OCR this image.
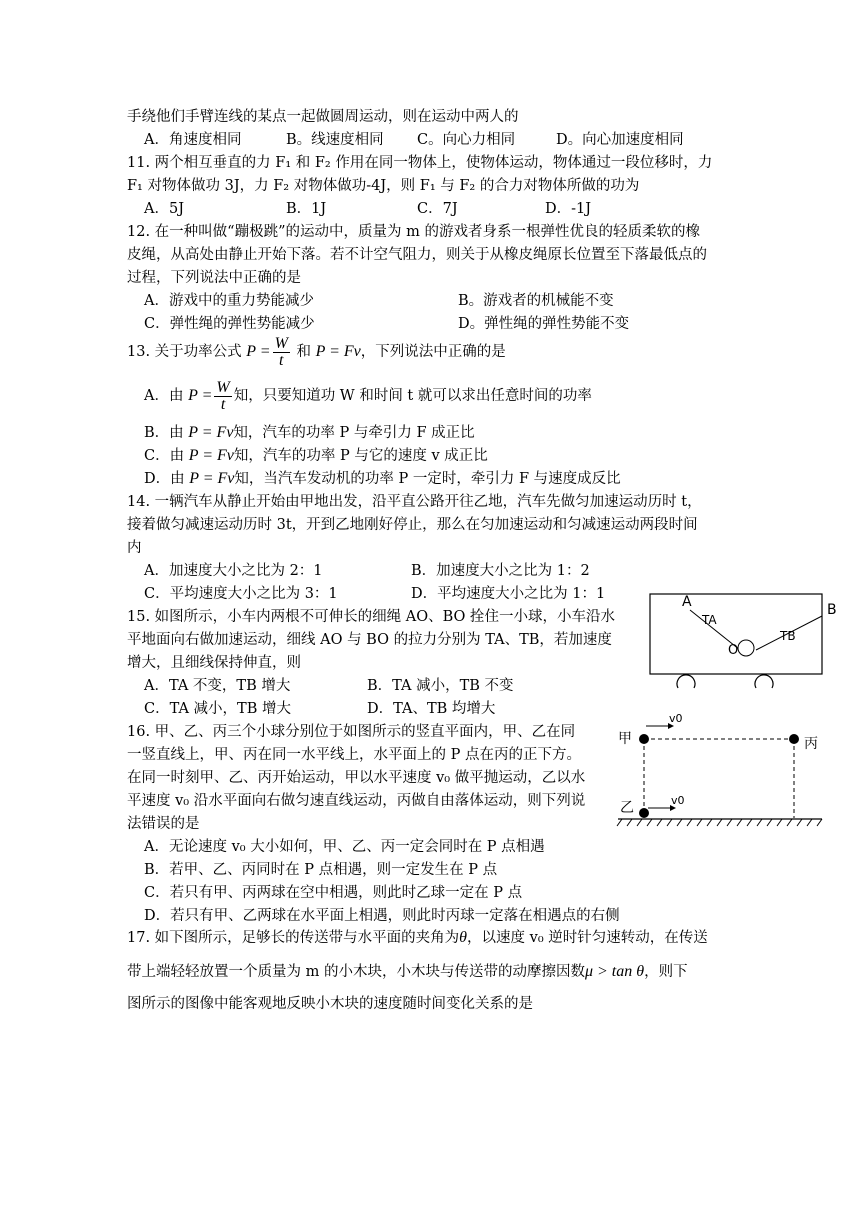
手绕他们手臂连线的某点一起做圆周运动，则在运动中两人的
A．角速度相同	B。线速度相同 C。向心力相同	D。向心加速度相同
11. 两个相互垂直的力 F₁ 和 F₂ 作用在同一物体上，使物体运动，物体通过一段位移时，力
F₁ 对物体做功 3J，力 F₂ 对物体做功-4J，则 F₁ 与 F₂ 的合力对物体所做的功为
A．5J	B．1J	C．7J	D．-1J
12. 在一种叫做“蹦极跳”的运动中，质量为 m 的游戏者身系一根弹性优良的轻质柔软的橡
皮绳，从高处由静止开始下落。若不计空气阻力，则关于从橡皮绳原长位置至下落最低点的
过程，下列说法中正确的是
A．游戏中的重力势能减少	B。游戏者的机械能不变
C．弹性绳的弹性势能减少	D。弹性绳的弹性势能不变
13. 关于功率公式 $P = \frac{W}{t}$ 和 P = Fv，下列说法中正确的是
A．由 $P = \frac{W}{t}$ 知，只要知道功 W 和时间 t 就可以求出任意时间的功率
B．由 P = Fv知，汽车的功率 P 与牵引力 F 成正比
C．由 P = Fv知，汽车的功率 P 与它的速度 v 成正比
D．由 P = Fv知，当汽车发动机的功率 P 一定时，牵引力 F 与速度成反比
14. 一辆汽车从静止开始由甲地出发，沿平直公路开往乙地，汽车先做匀加速运动历时 t，
接着做匀减速运动历时 3t，开到乙地刚好停止，那么在匀加速运动和匀减速运动两段时间
内
A．加速度大小之比为 2：1	B．加速度大小之比为 1：2
C．平均速度大小之比为 3：1	D．平均速度大小之比为 1：1
15. 如图所示，小车内两根不可伸长的细绳 AO、BO 拴住一小球，小车沿水
平地面向右做加速运动，细线 AO 与 BO 的拉力分别为 TA、TB，若加速度
增大，且细线保持伸直，则
A．TA 不变，TB 增大	B．TA 减小，TB 不变
C．TA 减小，TB 增大	D．TA、TB 均增大
A	B
O
TA
TB
16. 甲、乙、丙三个小球分别位于如图所示的竖直平面内，甲、乙在同
一竖直线上，甲、丙在同一水平线上，水平面上的 P 点在丙的正下方。
在同一时刻甲、乙、丙开始运动，甲以水平速度 v₀ 做平抛运动，乙以水
平速度 v₀ 沿水平面向右做匀速直线运动，丙做自由落体运动，则下列说
法错误的是
A．无论速度 v₀ 大小如何，甲、乙、丙一定会同时在 P 点相遇
B．若甲、乙、丙同时在 P 点相遇，则一定发生在 P 点
C．若只有甲、丙两球在空中相遇，则此时乙球一定在 P 点
D．若只有甲、乙两球在水平面上相遇，则此时丙球一定落在相遇点的右侧
甲	丙
乙
v0
v0
17. 如下图所示，足够长的传送带与水平面的夹角为θ，以速度 v₀ 逆时针匀速转动，在传送
带上端轻轻放置一个质量为 m 的小木块，小木块与传送带的动摩擦因数μ > tan θ，则下
图所示的图像中能客观地反映小木块的速度随时间变化关系的是
